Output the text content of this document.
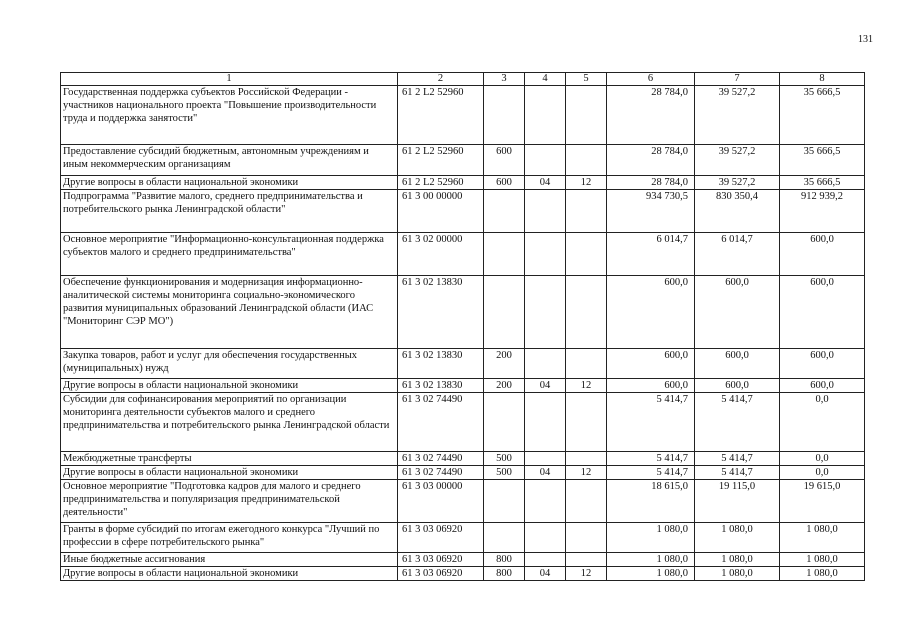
131
1	2	3	4	5	6	7	8
Государственная поддержка субъектов Российской Федерации - участников национального проекта "Повышение производительности труда и поддержка занятости"	61 2 L2 52960				28 784,0	39 527,2	35 666,5
Предоставление субсидий бюджетным, автономным учреждениям и иным некоммерческим организациям	61 2 L2 52960	600			28 784,0	39 527,2	35 666,5
Другие вопросы в области национальной экономики	61 2 L2 52960	600	04	12	28 784,0	39 527,2	35 666,5
Подпрограмма "Развитие малого, среднего предпринимательства и потребительского рынка Ленинградской области"	61 3 00 00000				934 730,5	830 350,4	912 939,2
Основное мероприятие "Информационно-консультационная поддержка субъектов малого и среднего предпринимательства"	61 3 02 00000				6 014,7	6 014,7	600,0
Обеспечение функционирования и модернизация информационно-аналитической системы мониторинга социально-экономического развития муниципальных образований Ленинградской области (ИАС "Мониторинг СЭР МО")	61 3 02 13830				600,0	600,0	600,0
Закупка товаров, работ и услуг для обеспечения государственных (муниципальных) нужд	61 3 02 13830	200			600,0	600,0	600,0
Другие вопросы в области национальной экономики	61 3 02 13830	200	04	12	600,0	600,0	600,0
Субсидии для софинансирования мероприятий по организации мониторинга деятельности субъектов малого и среднего предпринимательства и потребительского рынка Ленинградской области	61 3 02 74490				5 414,7	5 414,7	0,0
Межбюджетные трансферты	61 3 02 74490	500			5 414,7	5 414,7	0,0
Другие вопросы в области национальной экономики	61 3 02 74490	500	04	12	5 414,7	5 414,7	0,0
Основное мероприятие "Подготовка кадров для малого и среднего предпринимательства и популяризация предпринимательской деятельности"	61 3 03 00000				18 615,0	19 115,0	19 615,0
Гранты в форме субсидий по итогам ежегодного конкурса "Лучший по профессии в сфере потребительского рынка"	61 3 03 06920				1 080,0	1 080,0	1 080,0
Иные бюджетные ассигнования	61 3 03 06920	800			1 080,0	1 080,0	1 080,0
Другие вопросы в области национальной экономики	61 3 03 06920	800	04	12	1 080,0	1 080,0	1 080,0
